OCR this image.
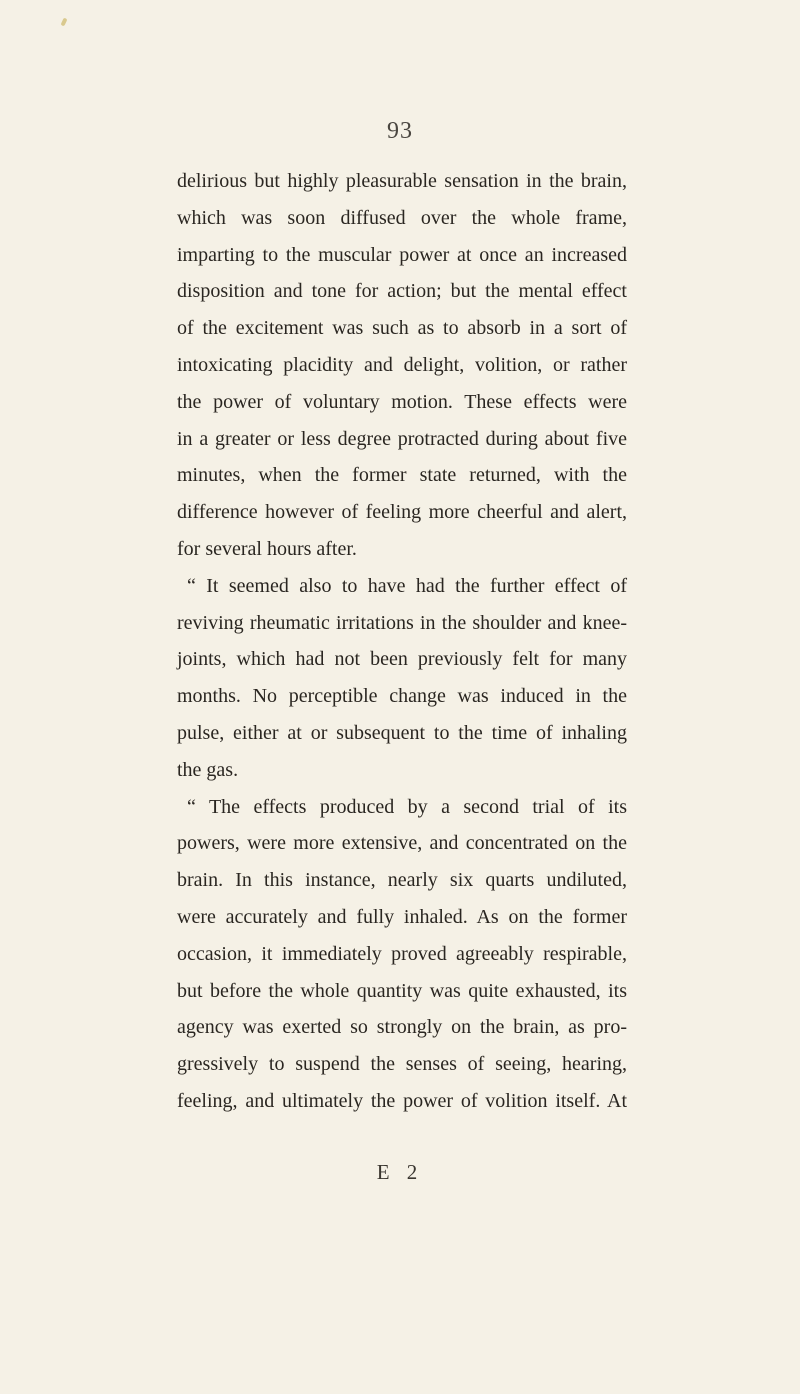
93
delirious but highly pleasurable sensation in the brain,
which was soon diffused over the whole frame,
imparting to the muscular power at once an increased
disposition and tone for action; but the mental effect
of the excitement was such as to absorb in a sort of
intoxicating placidity and delight, volition, or rather
the power of voluntary motion. These effects were
in a greater or less degree protracted during about five
minutes, when the former state returned, with the
difference however of feeling more cheerful and alert,
for several hours after.
“ It seemed also to have had the further effect of
reviving rheumatic irritations in the shoulder and knee-
joints, which had not been previously felt for many
months. No perceptible change was induced in the
pulse, either at or subsequent to the time of inhaling
the gas.
“ The effects produced by a second trial of its
powers, were more extensive, and concentrated on the
brain. In this instance, nearly six quarts undiluted,
were accurately and fully inhaled. As on the former
occasion, it immediately proved agreeably respirable,
but before the whole quantity was quite exhausted, its
agency was exerted so strongly on the brain, as pro-
gressively to suspend the senses of seeing, hearing,
feeling, and ultimately the power of volition itself. At
E 2
